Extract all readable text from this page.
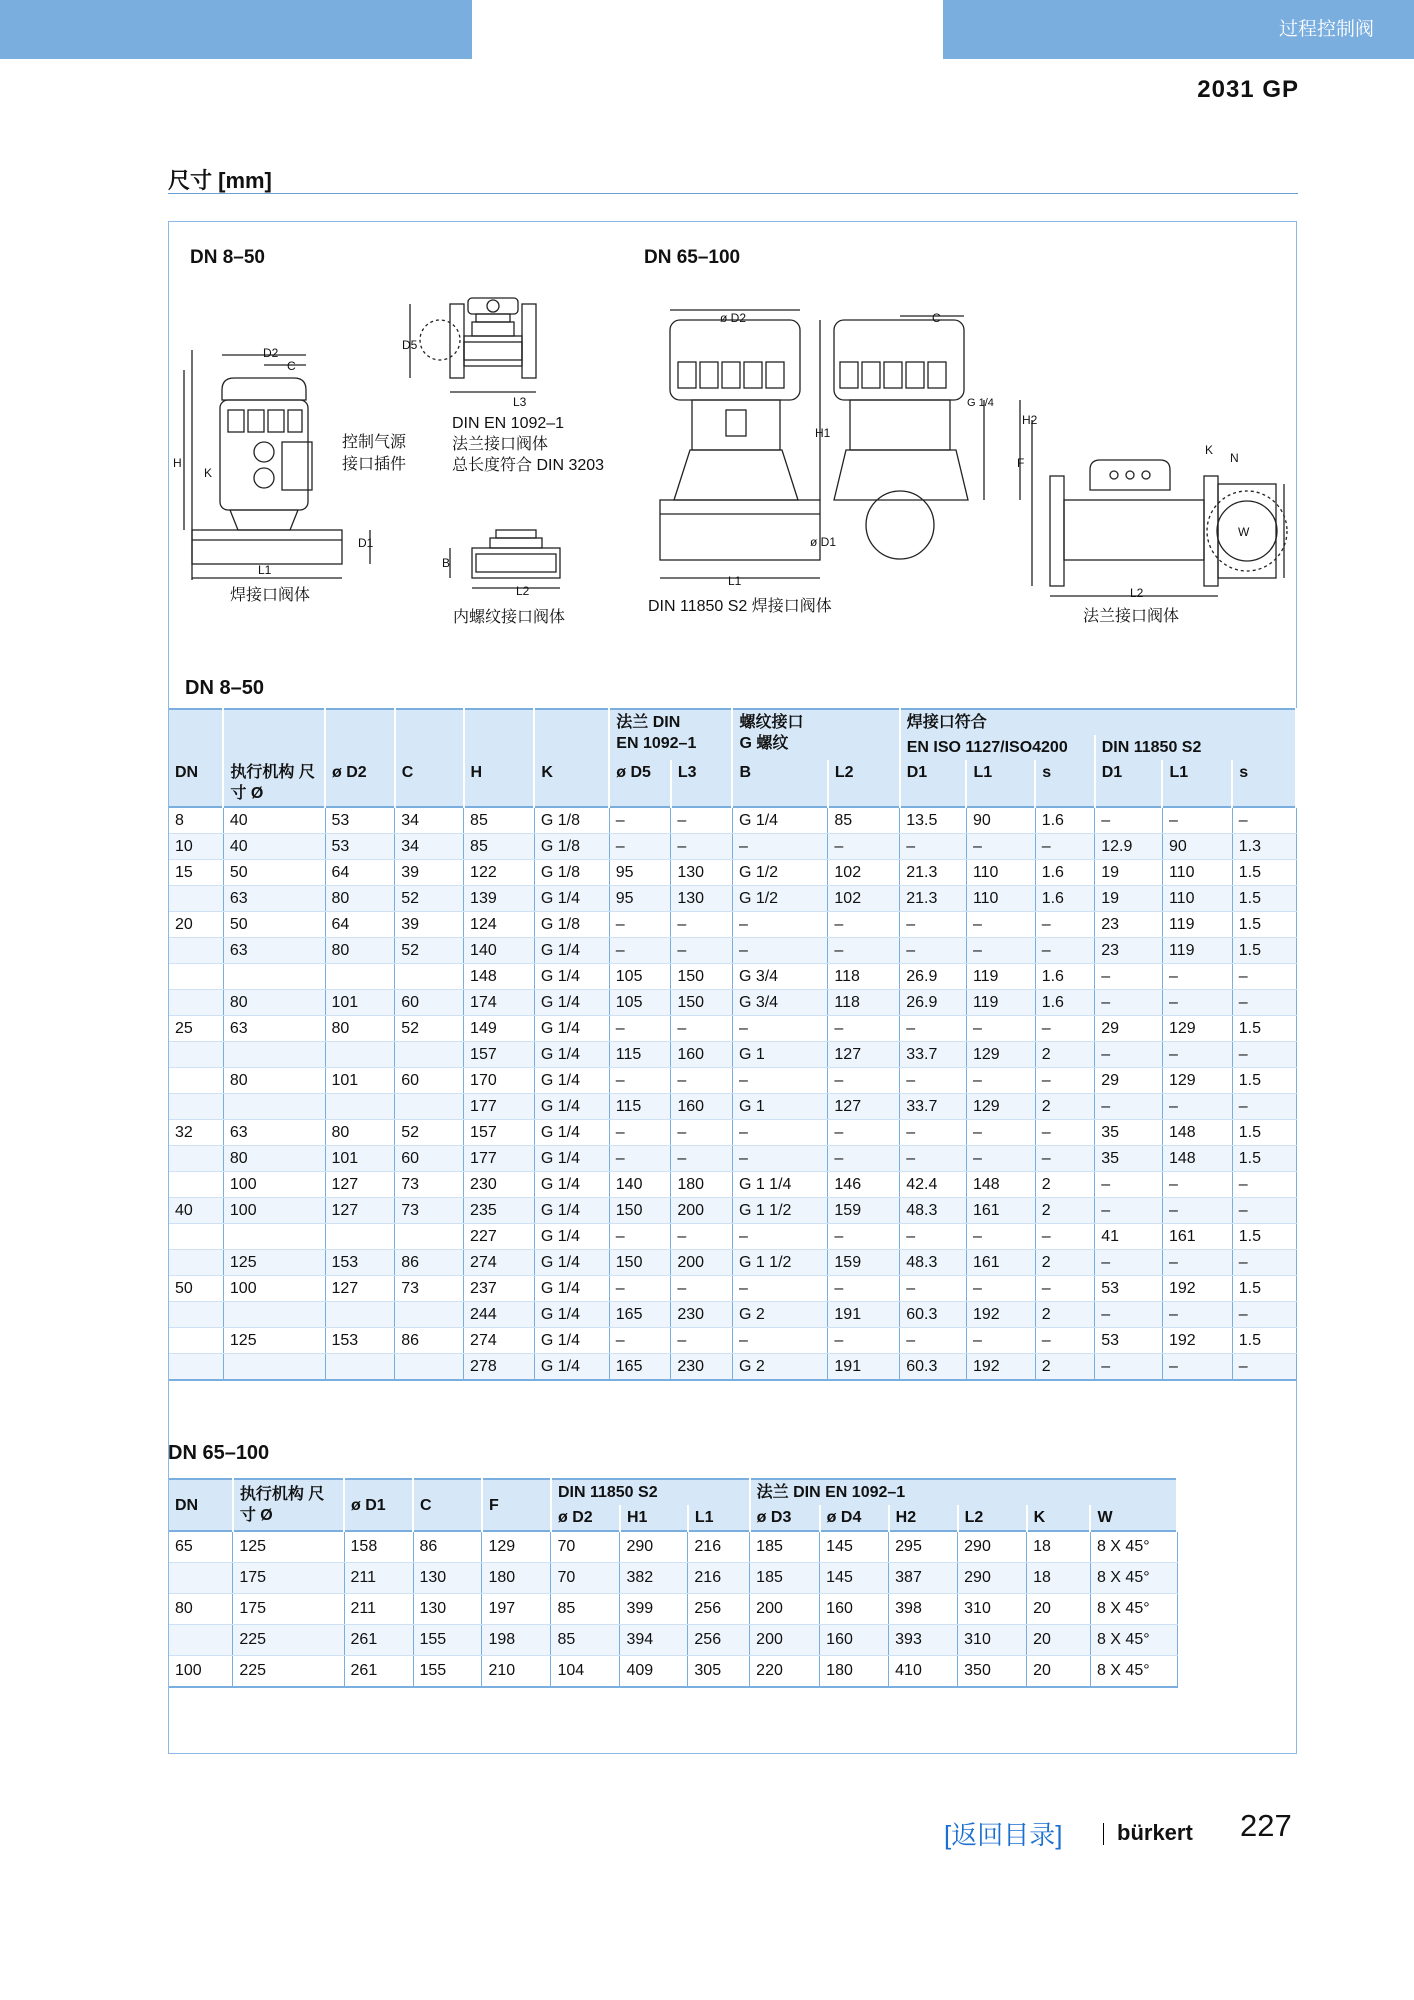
过程控制阀
2031 GP
尺寸 [mm]
DN 8–50	DN 65–100
D2
C
H
K
L1
D1
控制气源
接口插件
焊接口阀体
D5
L3
DIN EN 1092–1
法兰接口阀体
总长度符合 DIN 3203
B
L2
内螺纹接口阀体
ø D2	C
H1
F
G 1/4
ø D1
L1
DIN 11850 S2 焊接口阀体
H2
K
N
W
L2
法兰接口阀体
DN 8–50
						法兰 DIN
EN 1092–1		螺纹接口
G 螺纹		焊接口符合					
										EN ISO 1127/ISO4200			DIN 11850 S2		
DN	执行机构 尺寸 Ø	ø D2	C	H	K	ø D5	L3	B	L2	D1	L1	s	D1	L1	s
8	40	53	34	85	G 1/8	–	–	G 1/4	85	13.5	90	1.6	–	–	–
10	40	53	34	85	G 1/8	–	–	–	–	–	–	–	12.9	90	1.3
15	50	64	39	122	G 1/8	95	130	G 1/2	102	21.3	110	1.6	19	110	1.5
	63	80	52	139	G 1/4	95	130	G 1/2	102	21.3	110	1.6	19	110	1.5
20	50	64	39	124	G 1/8	–	–	–	–	–	–	–	23	119	1.5
	63	80	52	140	G 1/4	–	–	–	–	–	–	–	23	119	1.5
				148	G 1/4	105	150	G 3/4	118	26.9	119	1.6	–	–	–
	80	101	60	174	G 1/4	105	150	G 3/4	118	26.9	119	1.6	–	–	–
25	63	80	52	149	G 1/4	–	–	–	–	–	–	–	29	129	1.5
				157	G 1/4	115	160	G 1	127	33.7	129	2	–	–	–
	80	101	60	170	G 1/4	–	–	–	–	–	–	–	29	129	1.5
				177	G 1/4	115	160	G 1	127	33.7	129	2	–	–	–
32	63	80	52	157	G 1/4	–	–	–	–	–	–	–	35	148	1.5
	80	101	60	177	G 1/4	–	–	–	–	–	–	–	35	148	1.5
	100	127	73	230	G 1/4	140	180	G 1 1/4	146	42.4	148	2	–	–	–
40	100	127	73	235	G 1/4	150	200	G 1 1/2	159	48.3	161	2	–	–	–
				227	G 1/4	–	–	–	–	–	–	–	41	161	1.5
	125	153	86	274	G 1/4	150	200	G 1 1/2	159	48.3	161	2	–	–	–
50	100	127	73	237	G 1/4	–	–	–	–	–	–	–	53	192	1.5
				244	G 1/4	165	230	G 2	191	60.3	192	2	–	–	–
	125	153	86	274	G 1/4	–	–	–	–	–	–	–	53	192	1.5
				278	G 1/4	165	230	G 2	191	60.3	192	2	–	–	–
DN 65–100
DN	执行机构 尺寸 Ø	ø D1	C	F	DIN 11850 S2			法兰 DIN EN 1092–1					
					ø D2	H1	L1	ø D3	ø D4	H2	L2	K	W
65	125	158	86	129	70	290	216	185	145	295	290	18	8 X 45°
	175	211	130	180	70	382	216	185	145	387	290	18	8 X 45°
80	175	211	130	197	85	399	256	200	160	398	310	20	8 X 45°
	225	261	155	198	85	394	256	200	160	393	310	20	8 X 45°
100	225	261	155	210	104	409	305	220	180	410	350	20	8 X 45°
[返回目录] bürkert 227
